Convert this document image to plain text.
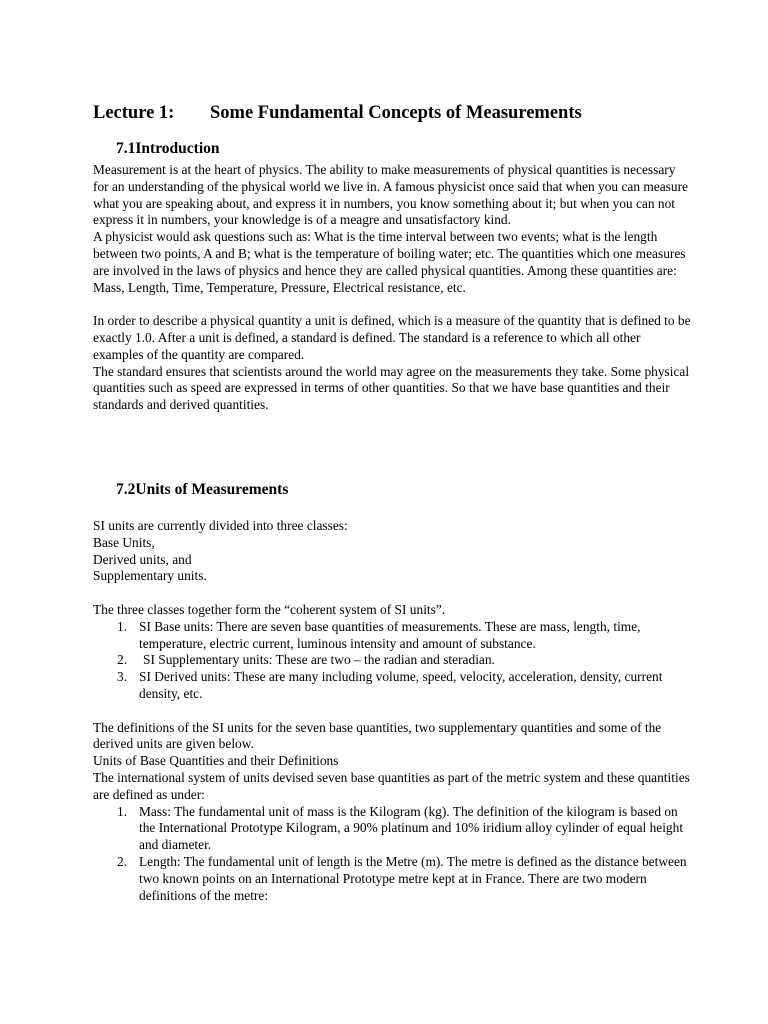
Lecture 1: Some Fundamental Concepts of Measurements
7.1Introduction

Measurement is at the heart of physics. The ability to make measurements of physical quantities is necessary for an understanding of the physical world we live in. A famous physicist once said that when you can measure what you are speaking about, and express it in numbers, you know something about it; but when you can not express it in numbers, your knowledge is of a meagre and unsatisfactory kind.

A physicist would ask questions such as: What is the time interval between two events; what is the length between two points, A and B; what is the temperature of boiling water; etc. The quantities which one measures are involved in the laws of physics and hence they are called physical quantities. Among these quantities are: Mass, Length, Time, Temperature, Pressure, Electrical resistance, etc.

In order to describe a physical quantity a unit is defined, which is a measure of the quantity that is defined to be exactly 1.0. After a unit is defined, a standard is defined. The standard is a reference to which all other examples of the quantity are compared.

The standard ensures that scientists around the world may agree on the measurements they take. Some physical quantities such as speed are expressed in terms of other quantities. So that we have base quantities and their standards and derived quantities.

7.2Units of Measurements

SI units are currently divided into three classes:

Base Units,

Derived units, and

Supplementary units.

The three classes together form the “coherent system of SI units”.

1. SI Base units: There are seven base quantities of measurements. These are mass, length, time, temperature, electric current, luminous intensity and amount of substance.
2. SI Supplementary units: These are two – the radian and steradian.
3. SI Derived units: These are many including volume, speed, velocity, acceleration, density, current density, etc.

The definitions of the SI units for the seven base quantities, two supplementary quantities and some of the derived units are given below.

Units of Base Quantities and their Definitions

The international system of units devised seven base quantities as part of the metric system and these quantities are defined as under:

1. Mass: The fundamental unit of mass is the Kilogram (kg). The definition of the kilogram is based on the International Prototype Kilogram, a 90% platinum and 10% iridium alloy cylinder of equal height and diameter.
2. Length: The fundamental unit of length is the Metre (m). The metre is defined as the distance between two known points on an International Prototype metre kept at in France. There are two modern definitions of the metre:
